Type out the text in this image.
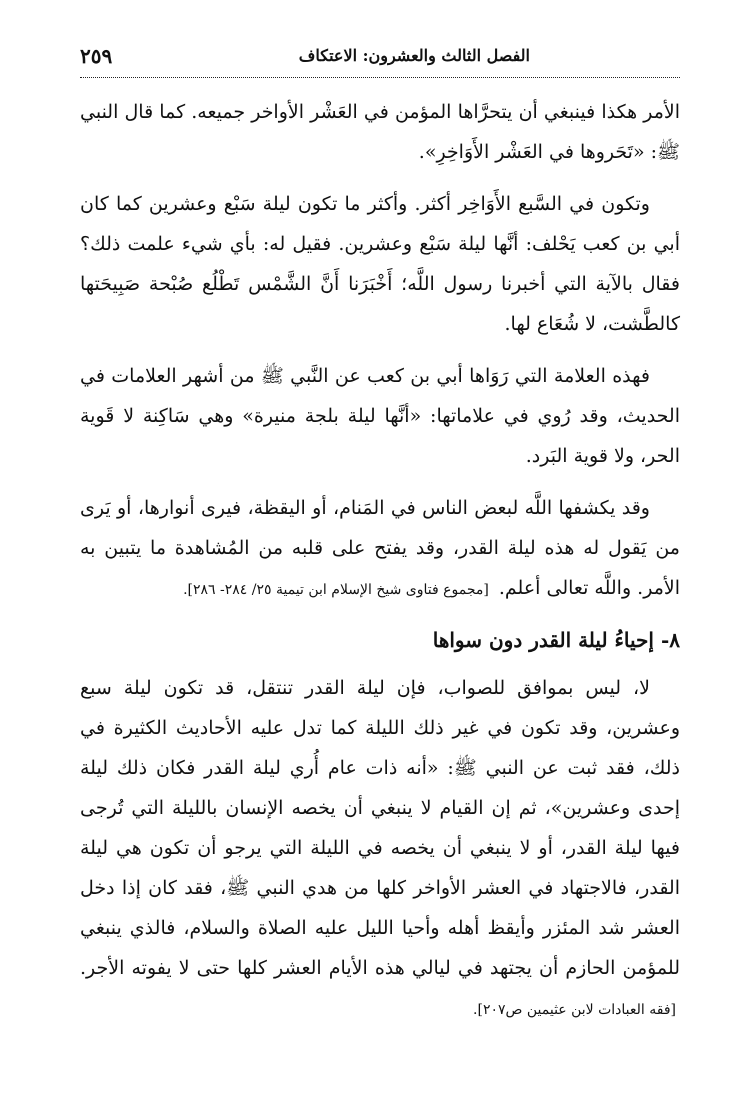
الفصل الثالث والعشرون: الاعتكاف
٢٥٩

الأمر هكذا فينبغي أن يتحرَّاها المؤمن في العَشْر الأواخر جميعه. كما قال النبي ﷺ: «تَحَروها في العَشْر الأَوَاخِرِ».

وتكون في السَّبع الأَوَاخِر أكثر. وأكثر ما تكون ليلة سَبْع وعشرين كما كان أبي بن كعب يَحْلف: أنَّها ليلة سَبْع وعشرين. فقيل له: بأي شيء علمت ذلك؟ فقال بالآية التي أخبرنا رسول اللَّه؛ أَخْبَرَنا أَنَّ الشَّمْس تَطْلُع صُبْحة صَبِيحَتها كالطَّشت، لا شُعَاع لها.

فهذه العلامة التي رَوَاها أبي بن كعب عن النَّبي ﷺ من أشهر العلامات في الحديث، وقد رُوي في علاماتها: «أنَّها ليلة بلجة منيرة» وهي سَاكِنة لا قَوية الحر، ولا قوية البَرد.

وقد يكشفها اللَّه لبعض الناس في المَنام، أو اليقظة، فيرى أنوارها، أو يَرى من يَقول له هذه ليلة القدر، وقد يفتح على قلبه من المُشاهدة ما يتبين به الأمر. واللَّه تعالى أعلم. [مجموع فتاوى شيخ الإسلام ابن تيمية ٢٥/ ٢٨٤- ٢٨٦].

٨- إحياءُ ليلة القدر دون سواها

لا، ليس بموافق للصواب، فإن ليلة القدر تنتقل، قد تكون ليلة سبع وعشرين، وقد تكون في غير ذلك الليلة كما تدل عليه الأحاديث الكثيرة في ذلك، فقد ثبت عن النبي ﷺ: «أنه ذات عام أُري ليلة القدر فكان ذلك ليلة إحدى وعشرين»، ثم إن القيام لا ينبغي أن يخصه الإنسان بالليلة التي تُرجى فيها ليلة القدر، أو لا ينبغي أن يخصه في الليلة التي يرجو أن تكون هي ليلة القدر، فالاجتهاد في العشر الأواخر كلها من هدي النبي ﷺ، فقد كان إذا دخل العشر شد المئزر وأيقظ أهله وأحيا الليل عليه الصلاة والسلام، فالذي ينبغي للمؤمن الحازم أن يجتهد في ليالي هذه الأيام العشر كلها حتى لا يفوته الأجر. [فقه العبادات لابن عثيمين ص٢٠٧].
